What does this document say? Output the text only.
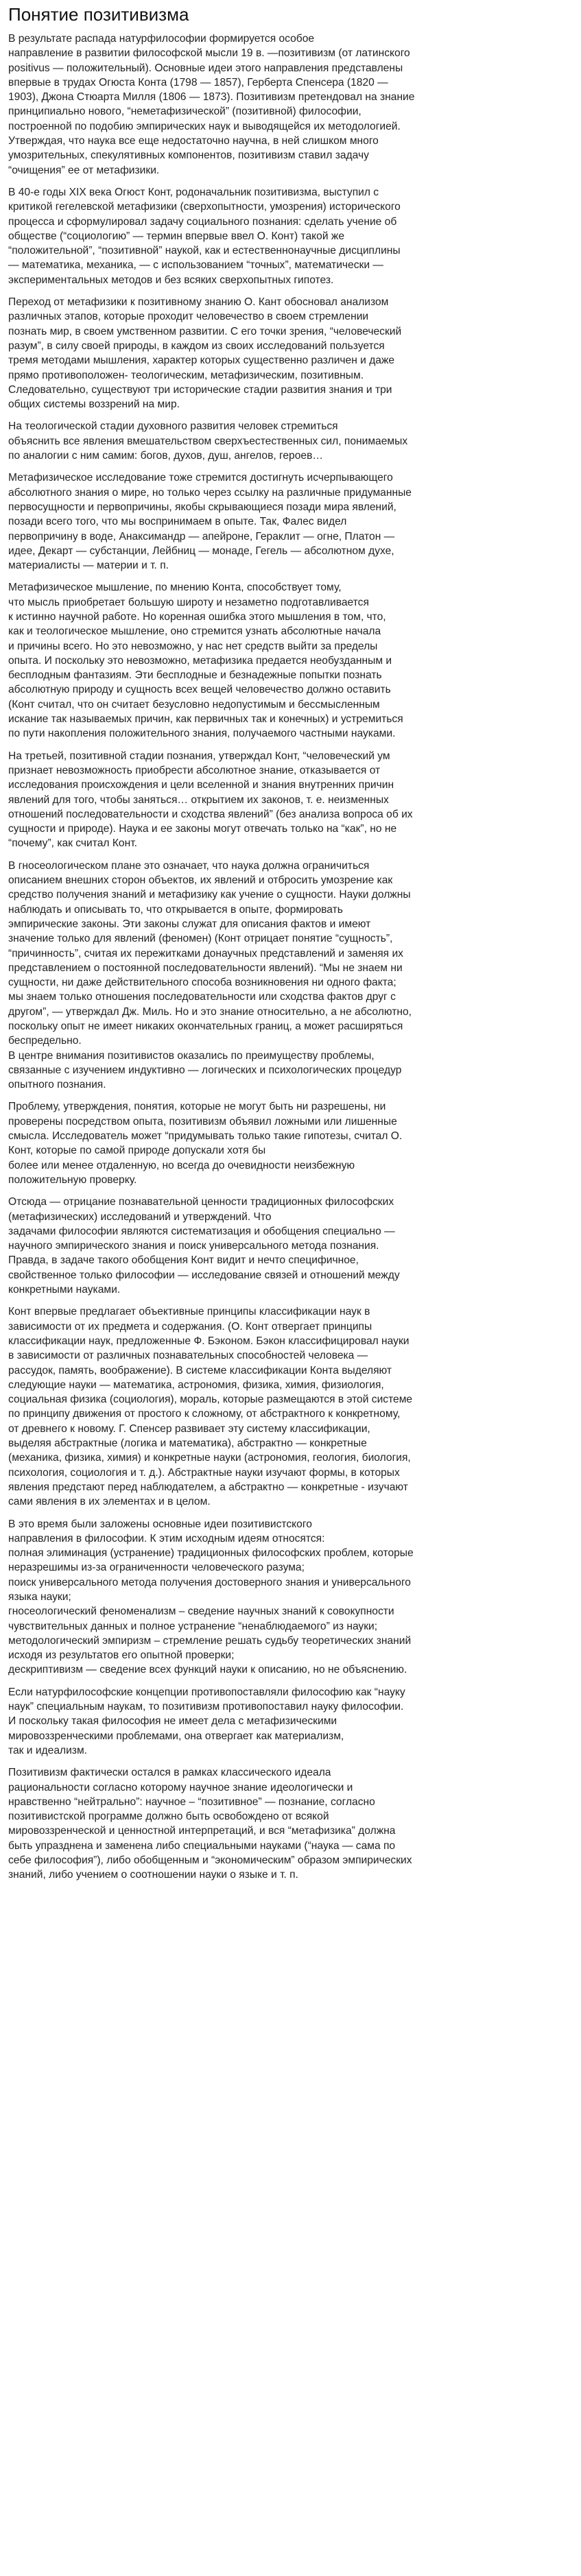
Понятие позитивизма
В результате распада натурфилософии формируется особое
направление в развитии философской мысли 19 в. —позитивизм (от латинского
positivus — положительный). Основные идеи этого направления представлены
впервые в трудах Огюста Конта (1798 — 1857), Герберта Спенсера (1820 —
1903), Джона Стюарта Милля (1806 — 1873). Позитивизм претендовал на знание
принципиально нового, “неметафизической” (позитивной) философии,
построенной по подобию эмпирических наук и выводящейся их методологией.
Утверждая, что наука все еще недостаточно научна, в ней слишком много
умозрительных, спекулятивных компонентов, позитивизм ставил задачу
“очищения” ее от метафизики.
В 40-е годы XIX века Огюст Конт, родоначальник позитивизма, выступил с
критикой гегелевской метафизики (сверхопытности, умозрения) исторического
процесса и сформулировал задачу социального познания: сделать учение об
обществе (“социологию” — термин впервые ввел О. Конт) такой же
“положительной”, “позитивной” наукой, как и естественнонаучные дисциплины
— математика, механика, — с использованием “точных”, математически —
экспериментальных методов и без всяких сверхопытных гипотез.
Переход от метафизики к позитивному знанию О. Кант обосновал анализом
различных этапов, которые проходит человечество в своем стремлении
познать мир, в своем умственном развитии. С его точки зрения, “человеческий
разум”, в силу своей природы, в каждом из своих исследований пользуется
тремя методами мышления, характер которых существенно различен и даже
прямо противоположен- теологическим, метафизическим, позитивным.
Следовательно, существуют три исторические стадии развития знания и три
общих системы воззрений на мир.
На теологической стадии духовного развития человек стремиться
объяснить все явления вмешательством сверхъестественных сил, понимаемых
по аналогии с ним самим: богов, духов, душ, ангелов, героев…
Метафизическое исследование тоже стремится достигнуть исчерпывающего
абсолютного знания о мире, но только через ссылку на различные придуманные
первосущности и первопричины, якобы скрывающиеся позади мира явлений,
позади всего того, что мы воспринимаем в опыте. Так, Фалес видел
первопричину в воде, Анаксимандр — апейроне, Гераклит — огне, Платон —
идее, Декарт — субстанции, Лейбниц — монаде, Гегель — абсолютном духе,
материалисты — материи и т. п.
Метафизическое мышление, по мнению Конта, способствует тому,
что мысль приобретает большую широту и незаметно подготавливается
к истинно научной работе. Но коренная ошибка этого мышления в том, что,
как и теологическое мышление, оно стремится узнать абсолютные начала
и причины всего. Но это невозможно, у нас нет средств выйти за пределы
опыта. И поскольку это невозможно, метафизика предается необузданным и
бесплодным фантазиям. Эти бесплодные и безнадежные попытки познать
абсолютную природу и сущность всех вещей человечество должно оставить
(Конт считал, что он считает безусловно недопустимым и бессмысленным
искание так называемых причин, как первичных так и конечных) и устремиться
по пути накопления положительного знания, получаемого частными науками.
На третьей, позитивной стадии познания, утверждал Конт, “человеческий ум
признает невозможность приобрести абсолютное знание, отказывается от
исследования происхождения и цели вселенной и знания внутренних причин
явлений для того, чтобы заняться… открытием их законов, т. е. неизменных
отношений последовательности и сходства явлений” (без анализа вопроса об их
сущности и природе). Наука и ее законы могут отвечать только на “как”, но не
“почему”, как считал Конт.
В гносеологическом плане это означает, что наука должна ограничиться
описанием внешних сторон объектов, их явлений и отбросить умозрение как
средство получения знаний и метафизику как учение о сущности. Науки должны
наблюдать и описывать то, что открывается в опыте, формировать
эмпирические законы. Эти законы служат для описания фактов и имеют
значение только для явлений (феномен) (Конт отрицает понятие “сущность”,
“причинность”, считая их пережитками донаучных представлений и заменяя их
представлением о постоянной последовательности явлений). “Мы не знаем ни
сущности, ни даже действительного способа возникновения ни одного факта;
мы знаем только отношения последовательности или сходства фактов друг с
другом”, — утверждал Дж. Миль. Но и это знание относительно, а не абсолютно,
поскольку опыт не имеет никаких окончательных границ, а может расширяться
беспредельно.
В центре внимания позитивистов оказались по преимуществу проблемы,
связанные с изучением индуктивно — логических и психологических процедур
опытного познания.
Проблему, утверждения, понятия, которые не могут быть ни разрешены, ни
проверены посредством опыта, позитивизм объявил ложными или лишенные
смысла. Исследователь может “придумывать только такие гипотезы, считал О.
Конт, которые по самой природе допускали хотя бы
более или менее отдаленную, но всегда до очевидности неизбежную
положительную проверку.
Отсюда — отрицание познавательной ценности традиционных философских
(метафизических) исследований и утверждений. Что
задачами философии являются систематизация и обобщения специально —
научного эмпирического знания и поиск универсального метода познания.
Правда, в задаче такого обобщения Конт видит и нечто специфичное,
свойственное только философии — исследование связей и отношений между
конкретными науками.
Конт впервые предлагает объективные принципы классификации наук в
зависимости от их предмета и содержания. (О. Конт отвергает принципы
классификации наук, предложенные Ф. Бэконом. Бэкон классифицировал науки
в зависимости от различных познавательных способностей человека —
рассудок, память, воображение). В системе классификации Конта выделяют
следующие науки — математика, астрономия, физика, химия, физиология,
социальная физика (социология), мораль, которые размещаются в этой системе
по принципу движения от простого к сложному, от абстрактного к конкретному,
от древнего к новому. Г. Спенсер развивает эту систему классификации,
выделяя абстрактные (логика и математика), абстрактно — конкретные
(механика, физика, химия) и конкретные науки (астрономия, геология, биология,
психология, социология и т. д.). Абстрактные науки изучают формы, в которых
явления предстают перед наблюдателем, а абстрактно — конкретные - изучают
сами явления в их элементах и в целом.
В это время были заложены основные идеи позитивистского
направления в философии. К этим исходным идеям относятся:
полная элиминация (устранение) традиционных философских проблем, которые
неразрешимы из-за ограниченности человеческого разума;
поиск универсального метода получения достоверного знания и универсального
языка науки;
гносеологический феноменализм – сведение научных знаний к совокупности
чувствительных данных и полное устранение “ненаблюдаемого” из науки;
методологический эмпиризм – стремление решать судьбу теоретических знаний
исходя из результатов его опытной проверки;
дескриптивизм — сведение всех функций науки к описанию, но не объяснению.
Если натурфилософские концепции противопоставляли философию как “науку
наук” специальным наукам, то позитивизм противопоставил науку философии.
И поскольку такая философия не имеет дела с метафизическими
мировоззренческими проблемами, она отвергает как материализм,
так и идеализм.
Позитивизм фактически остался в рамках классического идеала
рациональности согласно которому научное знание идеологически и
нравственно “нейтрально”: научное – “позитивное” — познание, согласно
позитивистской программе должно быть освобождено от всякой
мировоззренческой и ценностной интерпретаций, и вся “метафизика” должна
быть упразднена и заменена либо специальными науками (“наука — сама по
себе философия”), либо обобщенным и “экономическим” образом эмпирических
знаний, либо учением о соотношении науки о языке и т. п.
